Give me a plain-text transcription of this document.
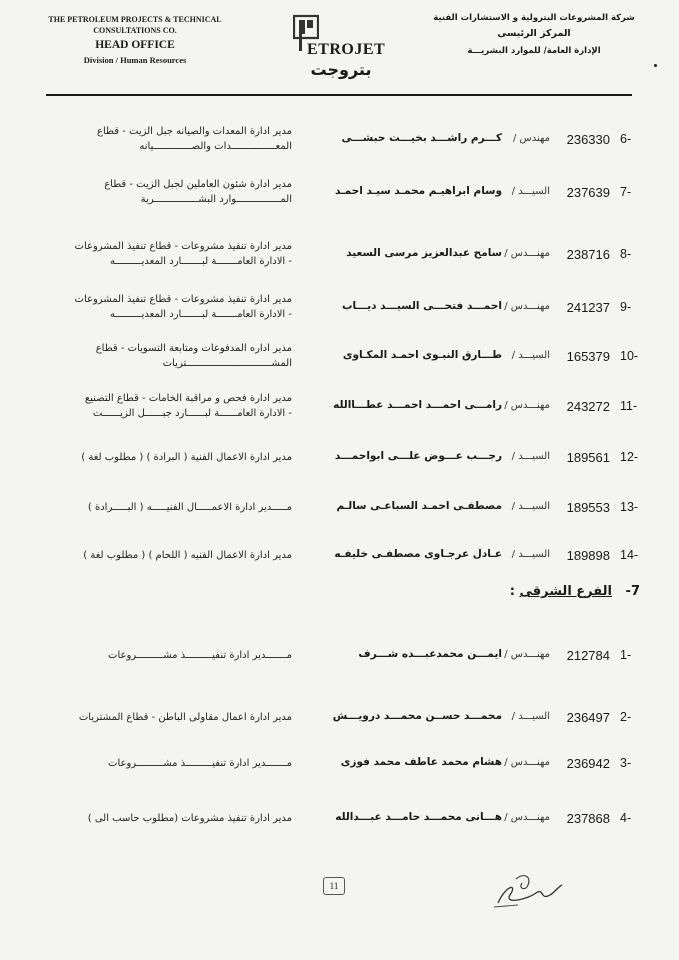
THE PETROLEUM PROJECTS & TECHNICAL
CONSULTATIONS CO.
HEAD OFFICE
Division / Human Resources
ETROJET
بتروجت
شركة المشروعات البترولية و الاستشارات الفنية
المركز الرئيسى
الإدارة العامة/ للموارد البشريـــة
6-
236330
مهندس /
كـــرم راشـــد بخيـــت حبشـــى
مدير ادارة المعدات والصيانه جبل الزيت - قطاع
المعـــــــــــــــدات والصـــــــــــــيانه
7-
237639
السيـــد /
وسام ابراهيـم محمـد سيـد احمـد
مدير ادارة شئون العاملين لجبل الزيت - قطاع
المـــــــــــــــوارد البشـــــــــــــــرية
8-
238716
مهنـــدس /
سامح عبدالعزيز مرسى السعيد
مدير ادارة تنفيذ مشروعات - قطاع تنفيذ المشروعات
- الادارة العامـــــــة لبـــــــارد المعديـــــــــه
9-
241237
مهنـــدس /
احمـــد فتحـــى السيـــد ديـــاب
مدير ادارة تنفيذ مشروعات - قطاع تنفيذ المشروعات
- الادارة العامـــــــة لبـــــــارد المعديـــــــــه
10-
165379
السيـــد /
طـــارق النبـوى احمـد المكـاوى
مدير اداره المدفوعات ومتابعة التسويات - قطاع
المشـــــــــــــــــــــــــــــتريات
11-
243272
مهنـــدس /
رامـــى احمـــد احمـــد عطـــاالله
مدير ادارة فحص و مراقبة الخامات - قطاع التصنيع
- الادارة العامــــــة لبــــــارد جبــــــل الزيــــــت
12-
189561
السيـــد /
رجـــب عـــوض علـــى ابواحمـــد
مدير ادارة الاعمال الفنية ( البرادة ) ( مطلوب لغة )
13-
189553
السيـــد /
مصطفـى احمـد السباعـى سالـم
مـــــدير ادارة الاعمـــــال الفنيـــــه ( البـــــرادة )
14-
189898
السيـــد /
عـادل عرجـاوى مصطفـى خليفـه
مدير ادارة الاعمال الفنيه ( اللحام ) ( مطلوب لغة )
7-   الفرع الشرقى :
1-
212784
مهنـــدس /
ايمـــن محمدعبـــده شـــرف
مـــــــدير ادارة تنفيـــــــــذ مشـــــــــروعات
2-
236497
السيـــد /
محمـــد حســن محمـــد درويـــش
مدير ادارة اعمال مقاولى الباطن - قطاع المشتريات
3-
236942
مهنـــدس /
هشام محمد عاطف محمد فوزى
مـــــــدير ادارة تنفيـــــــــذ مشـــــــــروعات
4-
237868
مهنـــدس /
هـــانى محمـــد حامـــد عبـــدالله
مدير ادارة تنفيذ مشروعات (مطلوب حاسب الى )
11
